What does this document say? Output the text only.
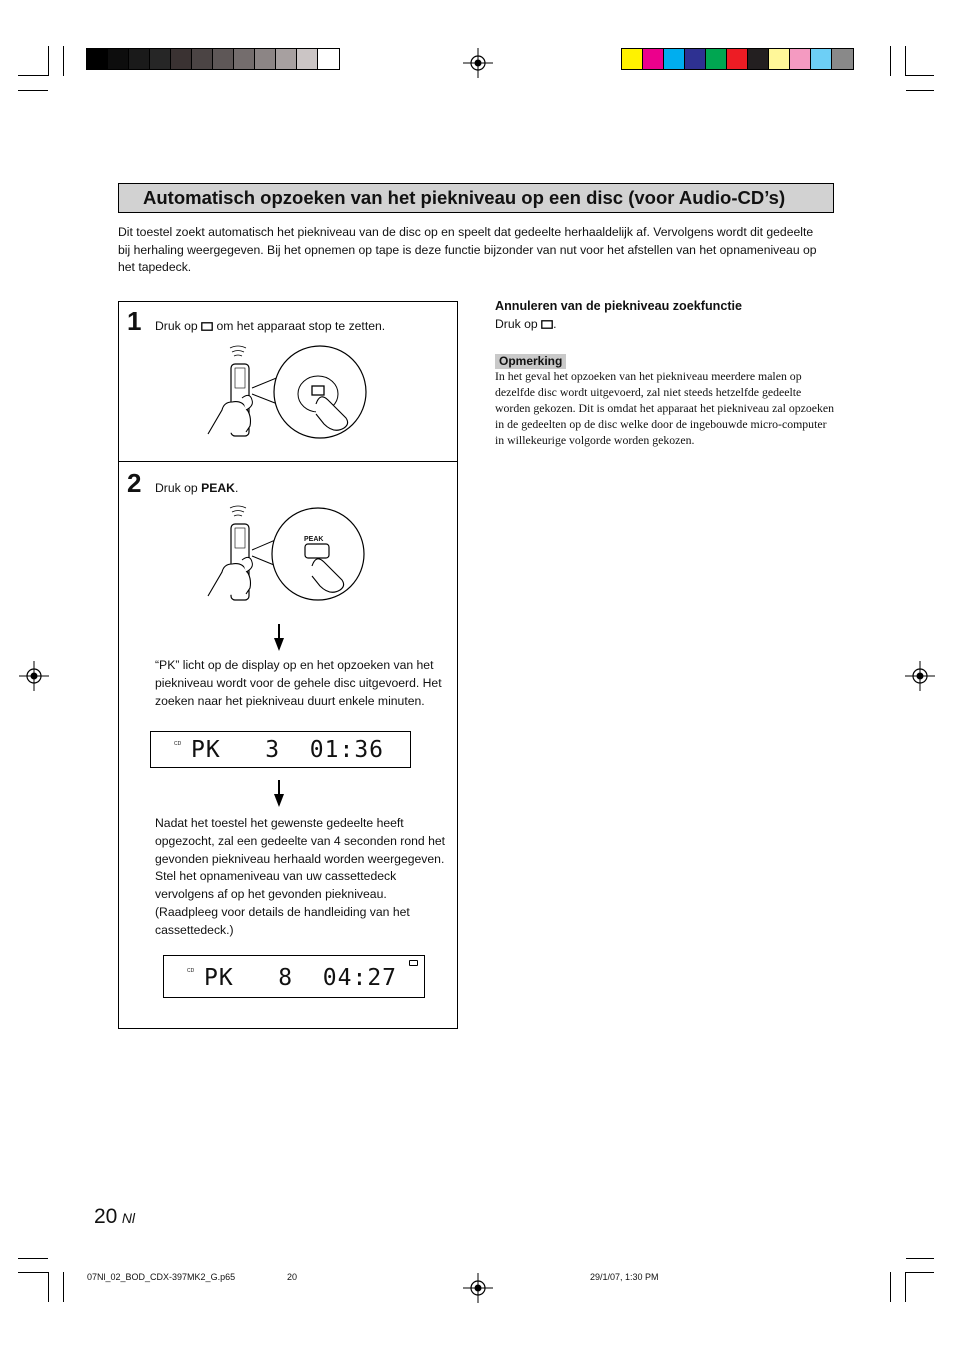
Automatisch opzoeken van het piekniveau op een disc (voor Audio-CD’s)
Dit toestel zoekt automatisch het piekniveau van de disc op en speelt dat gedeelte herhaaldelijk af. Vervolgens wordt dit gedeelte bij herhaling weergegeven. Bij het opnemen op tape is deze functie bijzonder van nut voor het afstellen van het opnameniveau op het tapedeck.
1 Druk op  om het apparaat stop te zetten.
2 Druk op PEAK.
PEAK
“PK” licht op de display op en het opzoeken van het piekniveau wordt voor de gehele disc uitgevoerd. Het zoeken naar het piekniveau duurt enkele minuten.
CD PK   3  01:36
Nadat het toestel het gewenste gedeelte heeft opgezocht, zal een gedeelte van 4 seconden rond het gevonden piekniveau herhaald worden weergegeven. Stel het opnameniveau van uw cassettedeck vervolgens af op het gevonden piekniveau. (Raadpleeg voor details de handleiding van het cassettedeck.)
CD PK   8  04:27
Annuleren van de piekniveau zoekfunctie
Druk op .
Opmerking
In het geval het opzoeken van het piekniveau meerdere malen op dezelfde disc wordt uitgevoerd, zal niet steeds hetzelfde gedeelte worden gekozen. Dit is omdat het apparaat het piekniveau zal opzoeken in de gedeelten op de disc welke door de ingebouwde micro-computer in willekeurige volgorde worden gekozen.
20 Nl
07Nl_02_BOD_CDX-397MK2_G.p65	20	29/1/07, 1:30 PM
